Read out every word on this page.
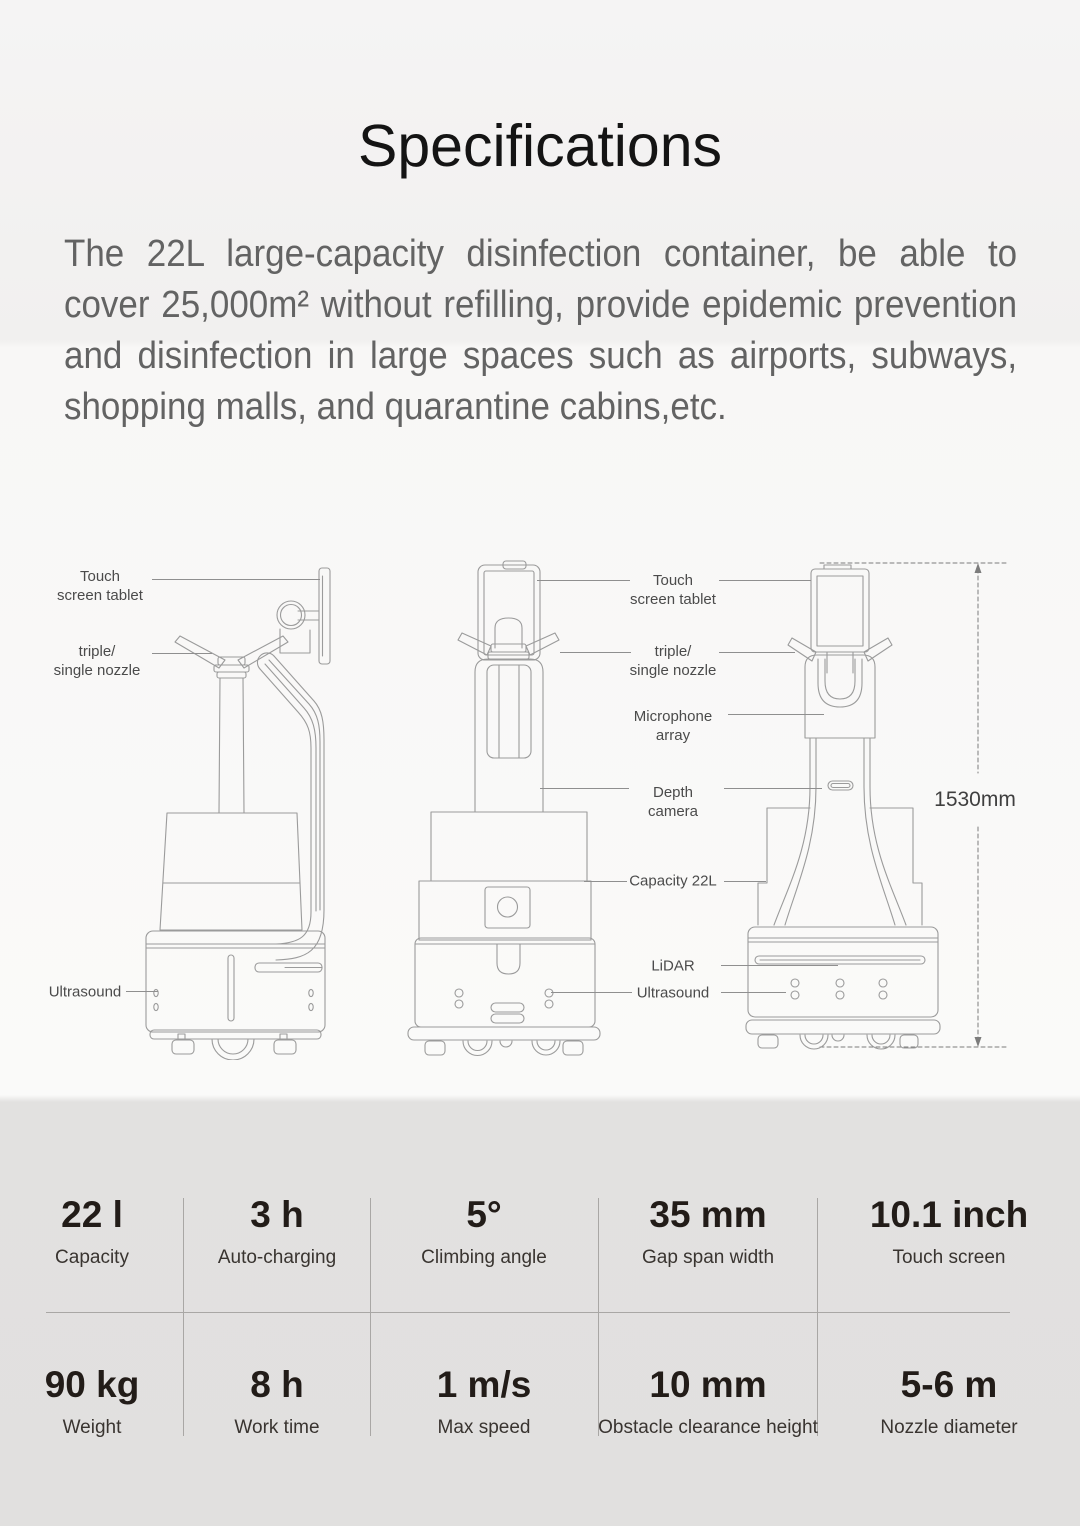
Specifications
The 22L large-capacity disinfection container, be able to cover 25,000m² without refilling, provide epidemic prevention and disinfection in large spaces such as airports, subways, shopping malls, and quarantine cabins,etc.
Touch
screen tablet
triple/
single nozzle
Ultrasound
Touch
screen tablet
triple/
single nozzle
Microphone
array
Depth
camera
Capacity 22L
LiDAR
Ultrasound
1530mm
22 l
Capacity
3 h
Auto-charging
5°
Climbing angle
35 mm
Gap span width
10.1 inch
Touch screen
90 kg
Weight
8 h
Work time
1 m/s
Max speed
10 mm
Obstacle clearance height
5-6 m
Nozzle diameter
